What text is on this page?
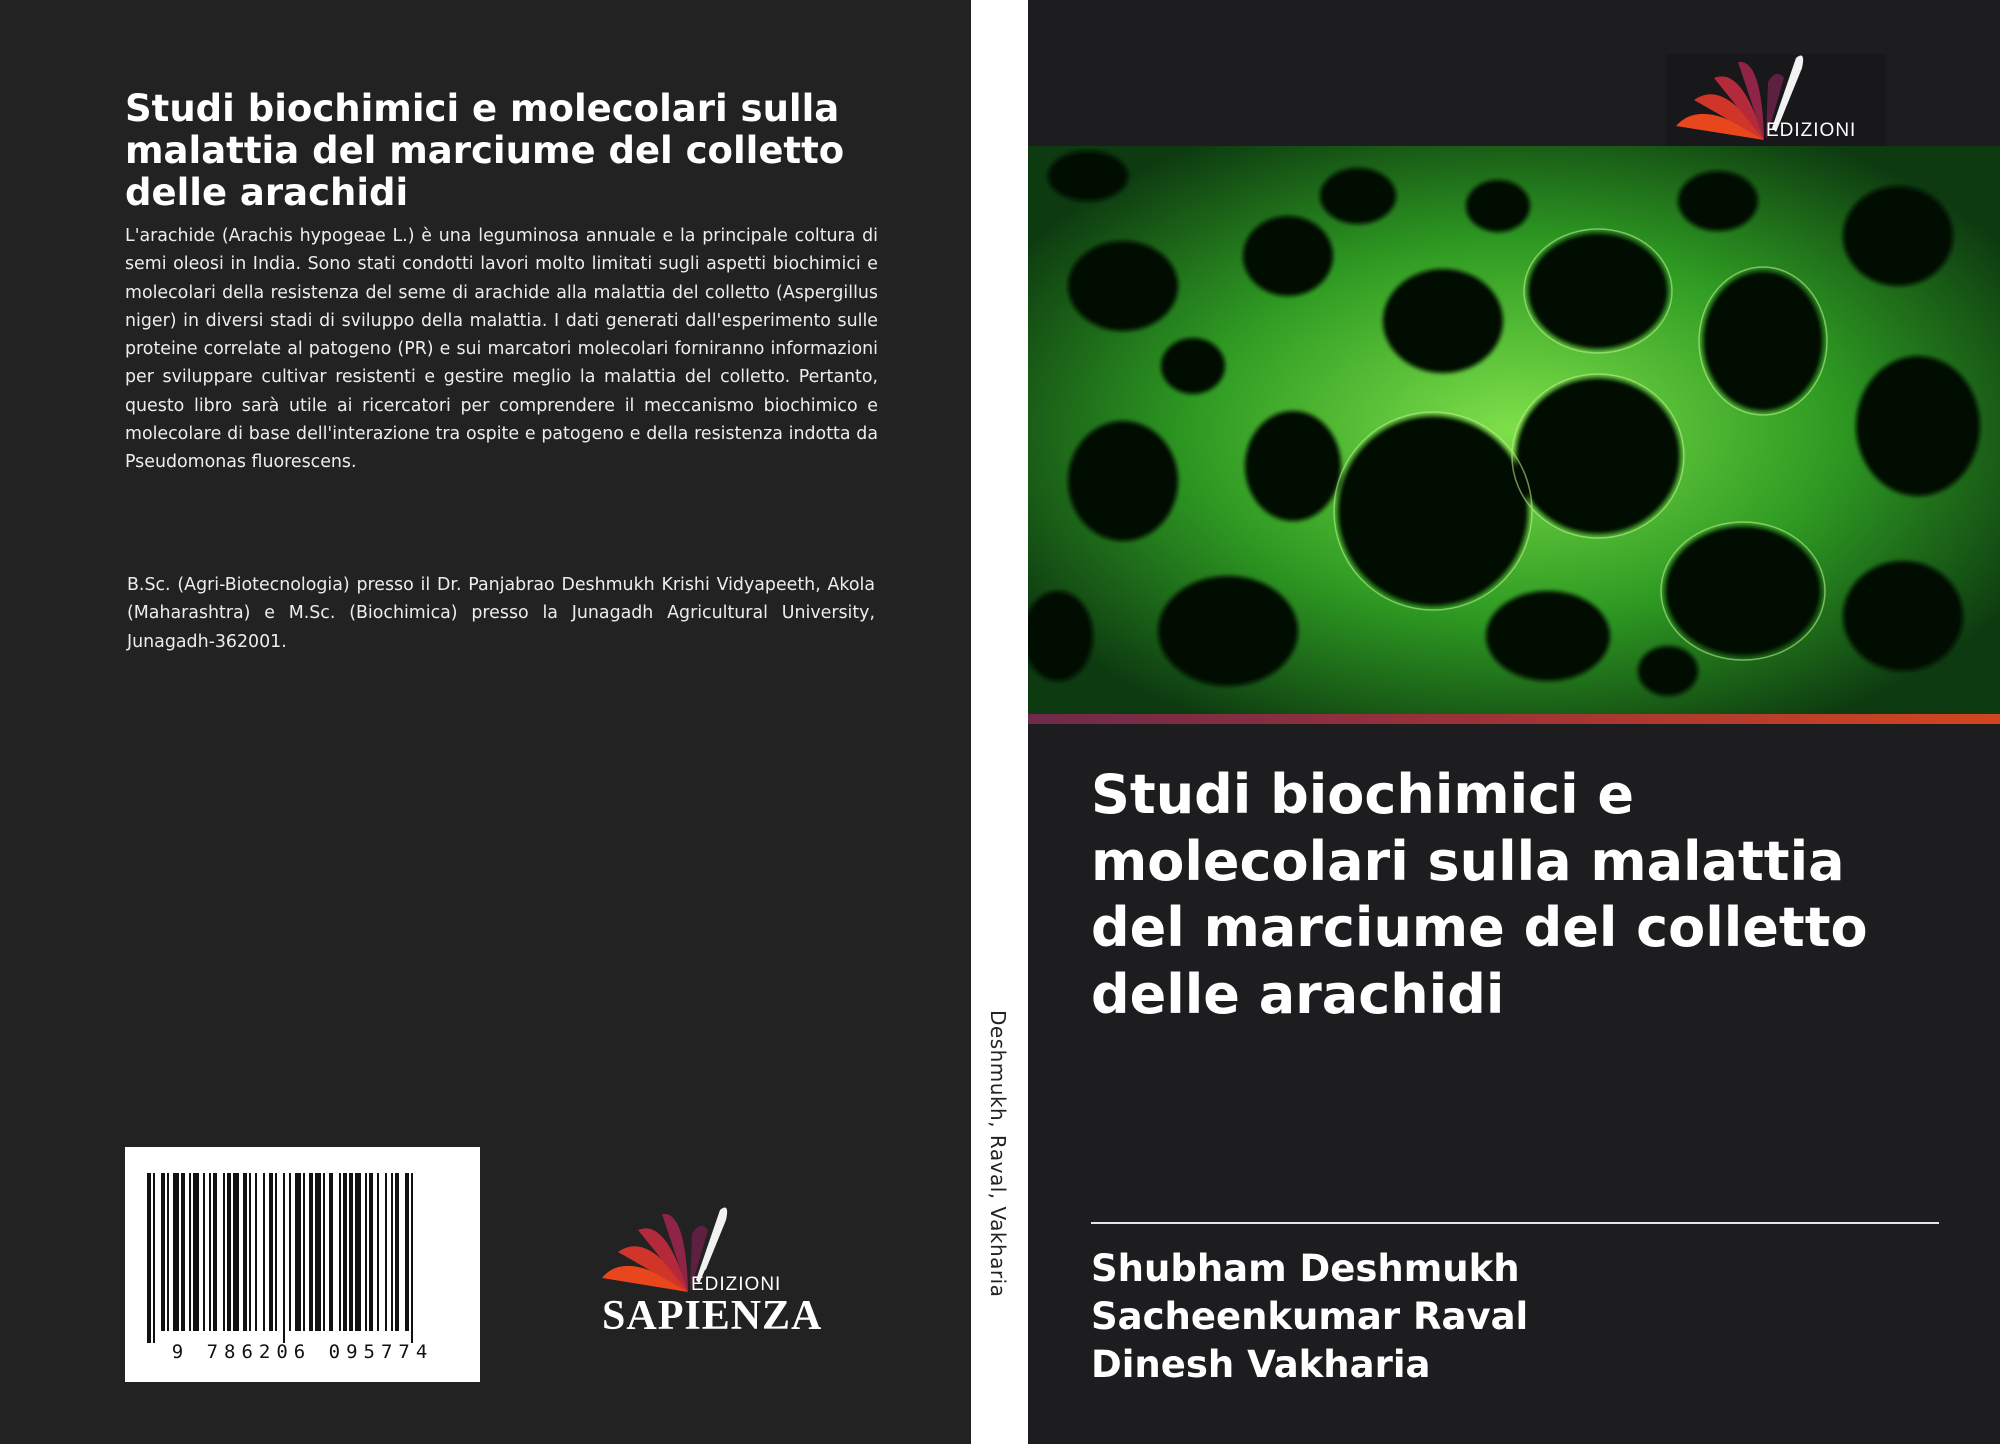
Studi biochimici e molecolari sulla malattia del marciume del colletto delle arachidi

L'arachide (Arachis hypogeae L.) è una leguminosa annuale e la principale coltura di semi oleosi in India. Sono stati condotti lavori molto limitati sugli aspetti biochimici e molecolari della resistenza del seme di arachide alla malattia del colletto (Aspergillus niger) in diversi stadi di sviluppo della malattia. I dati generati dall'esperimento sulle proteine correlate al patogeno (PR) e sui marcatori molecolari forniranno informazioni per sviluppare cultivar resistenti e gestire meglio la malattia del colletto. Pertanto, questo libro sarà utile ai ricercatori per comprendere il meccanismo biochimico e molecolare di base dell'interazione tra ospite e patogeno e della resistenza indotta da Pseudomonas fluorescens.

B.Sc. (Agri-Biotecnologia) presso il Dr. Panjabrao Deshmukh Krishi Vidyapeeth, Akola (Maharashtra) e M.Sc. (Biochimica) presso la Junagadh Agricultural University, Junagadh-362001.

9 786206 095774
EDIZIONI
SAPIENZA
Deshmukh, Raval, Vakharia
EDIZIONI
Studi biochimici e molecolari sulla malattia del marciume del colletto delle arachidi
Shubham Deshmukh
Sacheenkumar Raval
Dinesh Vakharia
